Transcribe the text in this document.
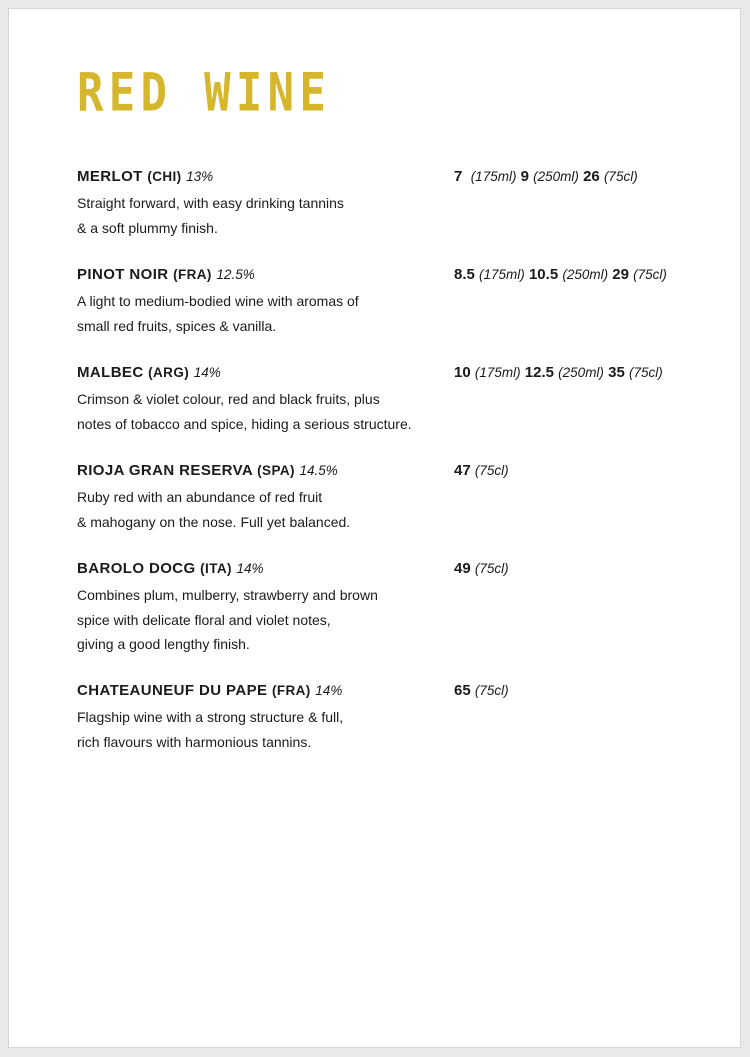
RED WINE
MERLOT (CHI) 13%
Straight forward, with easy drinking tannins
& a soft plummy finish.
7 (175ml) 9 (250ml) 26 (75cl)
PINOT NOIR (FRA) 12.5%
A light to medium-bodied wine with aromas of
small red fruits, spices & vanilla.
8.5 (175ml) 10.5 (250ml) 29 (75cl)
MALBEC (ARG) 14%
Crimson & violet colour, red and black fruits, plus
notes of tobacco and spice, hiding a serious structure.
10 (175ml) 12.5 (250ml) 35 (75cl)
RIOJA GRAN RESERVA (SPA) 14.5%
Ruby red with an abundance of red fruit
& mahogany on the nose. Full yet balanced.
47 (75cl)
BAROLO DOCG (ITA) 14%
Combines plum, mulberry, strawberry and brown
spice with delicate floral and violet notes,
giving a good lengthy finish.
49 (75cl)
CHATEAUNEUF DU PAPE (FRA) 14%
Flagship wine with a strong structure & full,
rich flavours with harmonious tannins.
65 (75cl)
